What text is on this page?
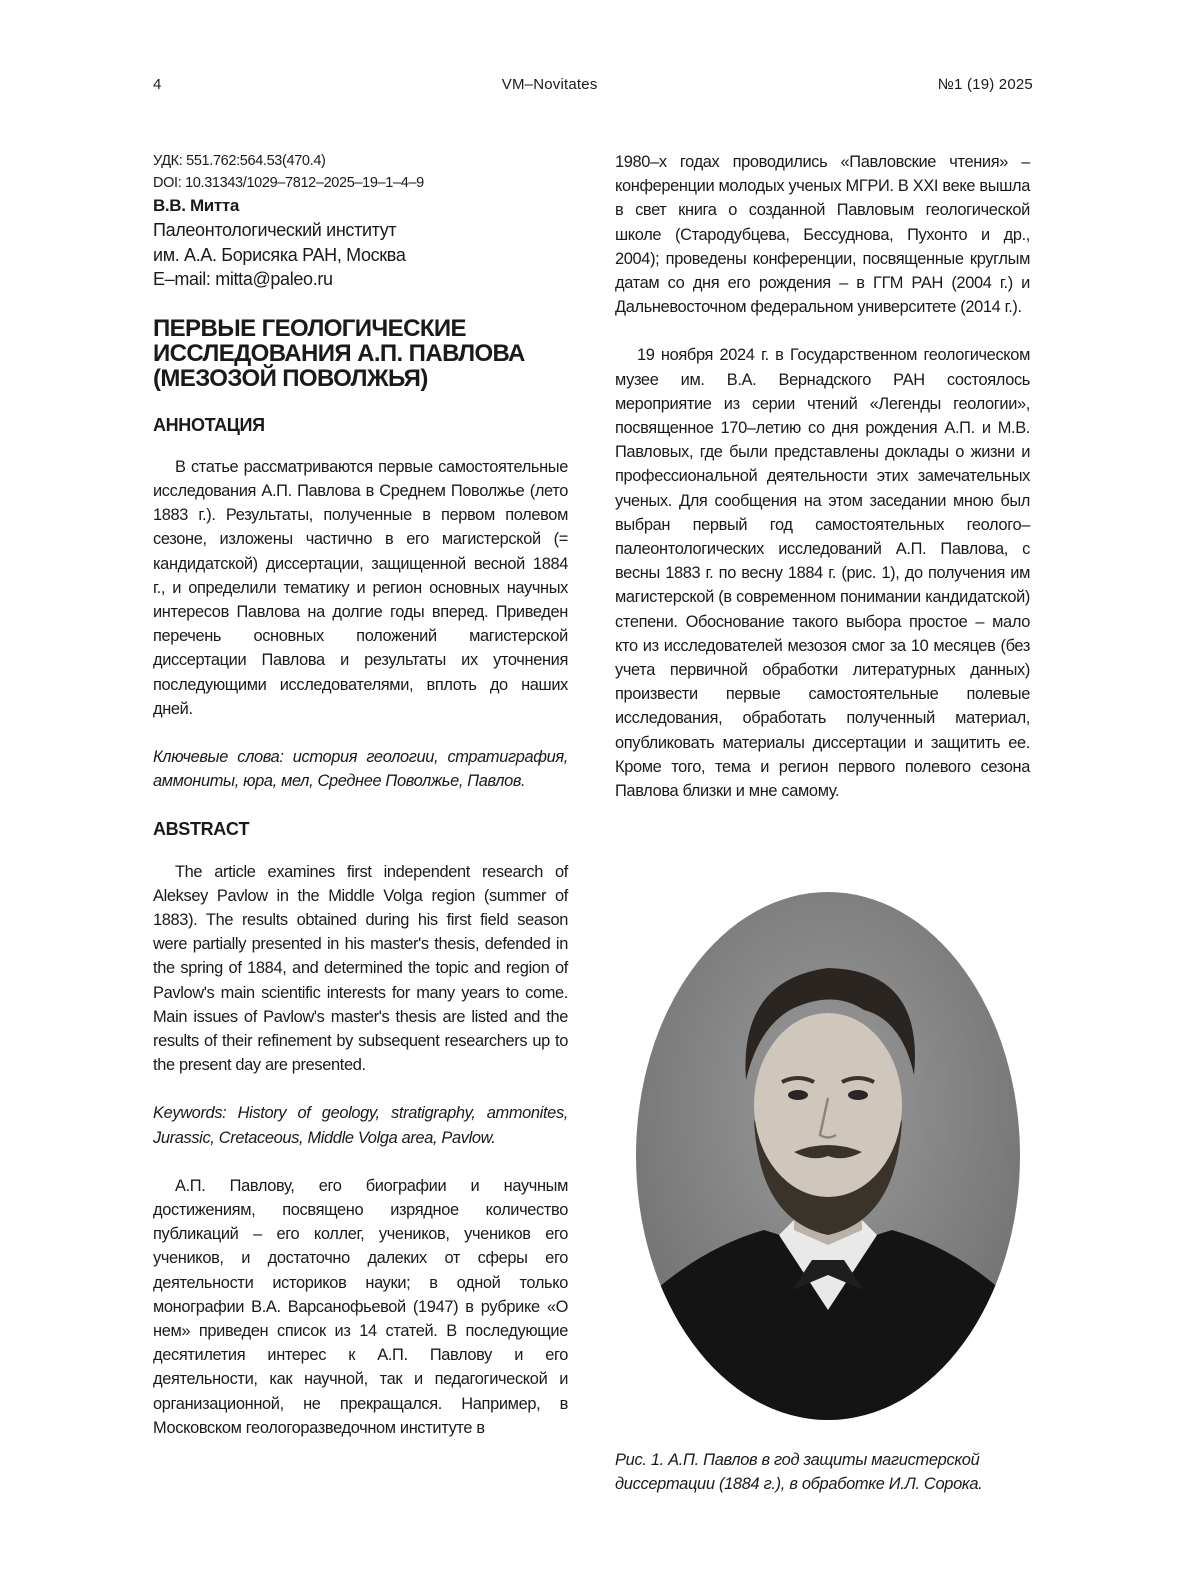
4	VM–Novitates	№1 (19) 2025
УДК: 551.762:564.53(470.4)
DOI: 10.31343/1029–7812–2025–19–1–4–9
В.В. Митта
Палеонтологический институт
им. А.А. Борисяка РАН, Москва
E–mail: mitta@paleo.ru
ПЕРВЫЕ ГЕОЛОГИЧЕСКИЕ
ИССЛЕДОВАНИЯ А.П. ПАВЛОВА
(МЕЗОЗОЙ ПОВОЛЖЬЯ)
АННОТАЦИЯ

В статье рассматриваются первые самостоятельные исследования А.П. Павлова в Среднем Поволжье (лето 1883 г.). Результаты, полученные в первом полевом сезоне, изложены частично в его магистерской (= кандидатской) диссертации, защищенной весной 1884 г., и определили тематику и регион основных научных интересов Павлова на долгие годы вперед. Приведен перечень основных положений магистерской диссертации Павлова и результаты их уточнения последующими исследователями, вплоть до наших дней.

Ключевые слова: история геологии, стратиграфия, аммониты, юра, мел, Среднее Поволжье, Павлов.

ABSTRACT

The article examines first independent research of Aleksey Pavlow in the Middle Volga region (summer of 1883). The results obtained during his first field season were partially presented in his master's thesis, defended in the spring of 1884, and determined the topic and region of Pavlow's main scientific interests for many years to come. Main issues of Pavlow's master's thesis are listed and the results of their refinement by subsequent researchers up to the present day are presented.

Keywords: History of geology, stratigraphy, ammonites, Jurassic, Cretaceous, Middle Volga area, Pavlow.

А.П. Павлову, его биографии и научным достижениям, посвящено изрядное количество публикаций – его коллег, учеников, учеников его учеников, и достаточно далеких от сферы его деятельности историков науки; в одной только монографии В.А. Варсанофьевой (1947) в рубрике «О нем» приведен список из 14 статей. В последующие десятилетия интерес к А.П. Павлову и его деятельности, как научной, так и педагогической и организационной, не прекращался. Например, в Московском геологоразведочном институте в

1980–х годах проводились «Павловские чтения» – конференции молодых ученых МГРИ. В XXI веке вышла в свет книга о созданной Павловым геологической школе (Стародубцева, Бессуднова, Пухонто и др., 2004); проведены конференции, посвященные круглым датам со дня его рождения – в ГГМ РАН (2004 г.) и Дальневосточном федеральном университете (2014 г.).

19 ноября 2024 г. в Государственном геологическом музее им. В.А. Вернадского РАН состоялось мероприятие из серии чтений «Легенды геологии», посвященное 170–летию со дня рождения А.П. и М.В. Павловых, где были представлены доклады о жизни и профессиональной деятельности этих замечательных ученых. Для сообщения на этом заседании мною был выбран первый год самостоятельных геолого–палеонтологических исследований А.П. Павлова, с весны 1883 г. по весну 1884 г. (рис. 1), до получения им магистерской (в современном понимании кандидатской) степени. Обоснование такого выбора простое – мало кто из исследователей мезозоя смог за 10 месяцев (без учета первичной обработки литературных данных) произвести первые самостоятельные полевые исследования, обработать полученный материал, опубликовать материалы диссертации и защитить ее. Кроме того, тема и регион первого полевого сезона Павлова близки и мне самому.

Рис. 1. А.П. Павлов в год защиты магистерской диссертации (1884 г.), в обработке И.Л. Сорока.
